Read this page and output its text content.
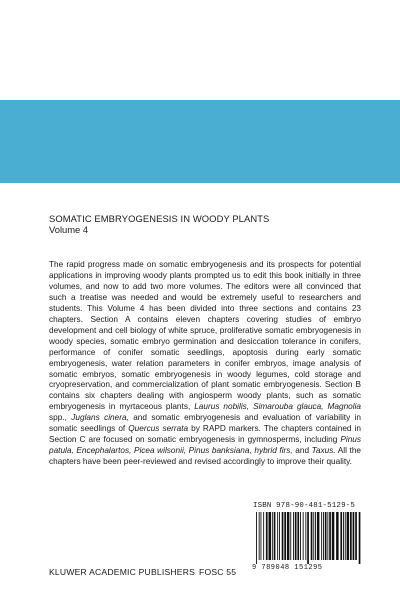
SOMATIC EMBRYOGENESIS IN WOODY PLANTS
Volume 4

The rapid progress made on somatic embryogenesis and its prospects for potential applications in improving woody plants prompted us to edit this book initially in three volumes, and now to add two more volumes. The editors were all convinced that such a treatise was needed and would be extremely useful to researchers and students. This Volume 4 has been divided into three sections and contains 23 chapters. Section A contains eleven chapters covering studies of embryo development and cell biology of white spruce, proliferative somatic embryogenesis in woody species, somatic embryo germination and desiccation tolerance in conifers, performance of conifer somatic seedlings, apoptosis during early somatic embryogenesis, water relation parameters in conifer embryos, image analysis of somatic embryos, somatic embryogenesis in woody legumes, cold storage and cryopreservation, and commercialization of plant somatic embryogenesis. Section B contains six chapters dealing with angiosperm woody plants, such as somatic embryogenesis in myrtaceous plants, Laurus nobilis, Simarouba glauca, Magnolia spp., Juglans cinera, and somatic embryogenesis and evaluation of variability in somatic seedlings of Quercus serrata by RAPD markers. The chapters contained in Section C are focused on somatic embryogenesis in gymnosperms, including Pinus patula, Encephalartos, Picea wilsonii, Pinus banksiana, hybrid firs, and Taxus. All the chapters have been peer-reviewed and revised accordingly to improve their quality.

ISBN 978-90-481-5129-5
9 789048 151295
KLUWER ACADEMIC PUBLISHERS FOSC 55
